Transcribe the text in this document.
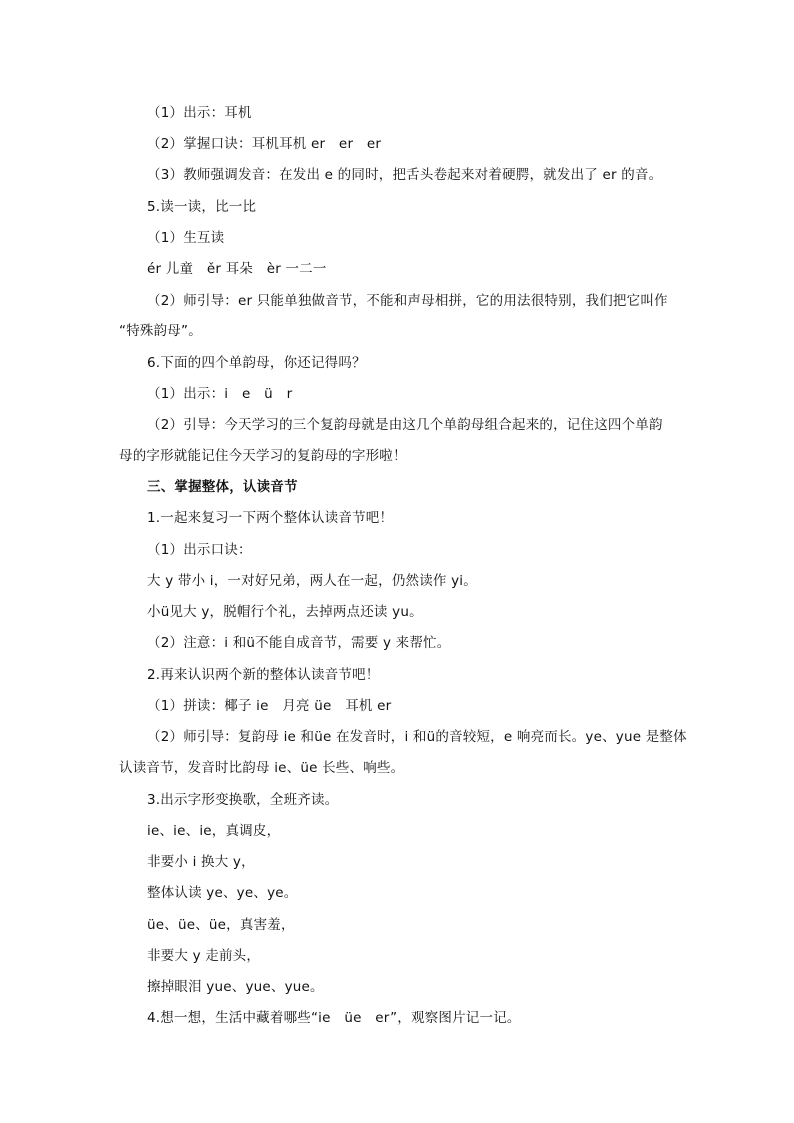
（1）出示：耳机
（2）掌握口诀：耳机耳机 er　er　er
（3）教师强调发音：在发出 e 的同时，把舌头卷起来对着硬腭，就发出了 er 的音。
5.读一读，比一比
（1）生互读
ér 儿童　ěr 耳朵　èr 一二一
（2）师引导：er 只能单独做音节，不能和声母相拼，它的用法很特别，我们把它叫作
“特殊韵母”。
6.下面的四个单韵母，你还记得吗？
（1）出示：i　e　ü　r
（2）引导：今天学习的三个复韵母就是由这几个单韵母组合起来的，记住这四个单韵
母的字形就能记住今天学习的复韵母的字形啦！
三、掌握整体，认读音节
1.一起来复习一下两个整体认读音节吧！
（1）出示口诀：
大 y 带小 i，一对好兄弟，两人在一起，仍然读作 yi。
小ü见大 y，脱帽行个礼，去掉两点还读 yu。
（2）注意：i 和ü不能自成音节，需要 y 来帮忙。
2.再来认识两个新的整体认读音节吧！
（1）拼读：椰子 ie　月亮 üe　耳机 er
（2）师引导：复韵母 ie 和üe 在发音时，i 和ü的音较短，e 响亮而长。ye、yue 是整体
认读音节，发音时比韵母 ie、üe 长些、响些。
3.出示字形变换歌，全班齐读。
ie、ie、ie，真调皮，
非要小 i 换大 y，
整体认读 ye、ye、ye。
üe、üe、üe，真害羞，
非要大 y 走前头，
擦掉眼泪 yue、yue、yue。
4.想一想，生活中藏着哪些“ie　üe　er”，观察图片记一记。
